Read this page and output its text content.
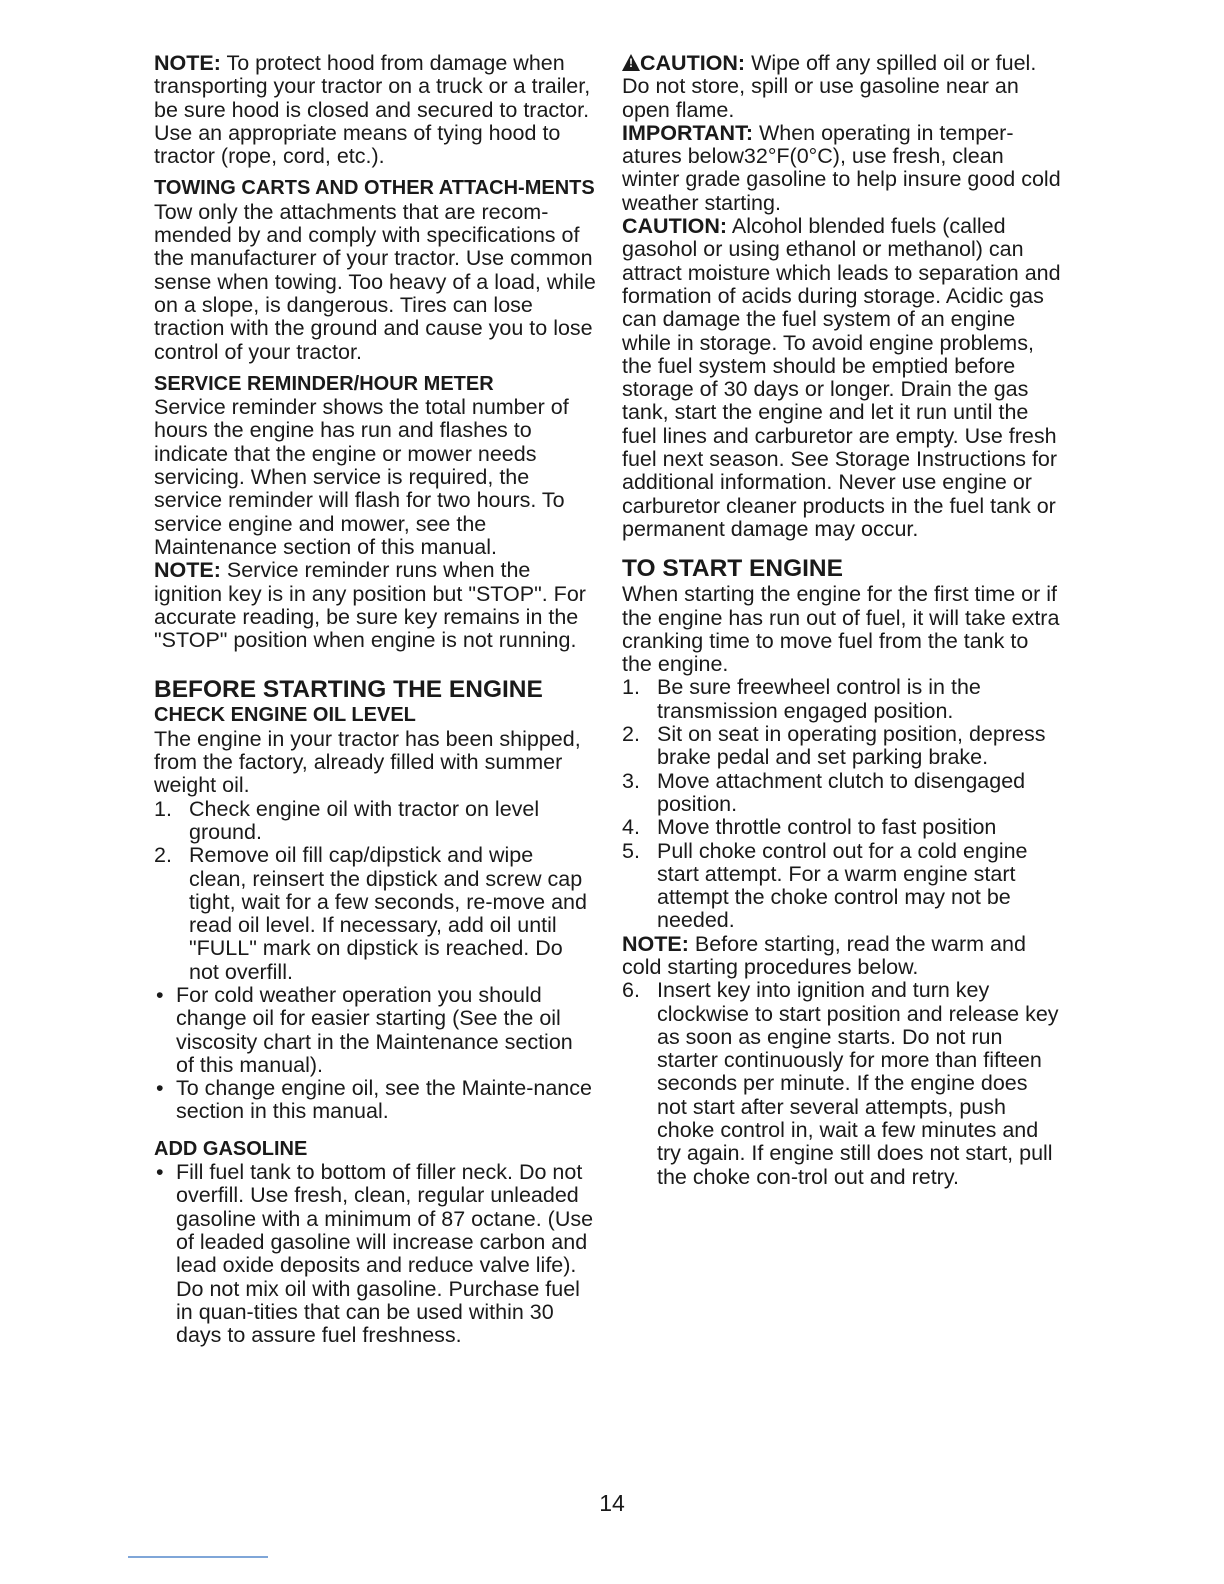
NOTE: To protect hood from damage when transporting your tractor on a truck or a trailer, be sure hood is closed and secured to tractor. Use an appropriate means of tying hood to tractor (rope, cord, etc.).

TOWING CARTS AND OTHER ATTACH-MENTS

Tow only the attachments that are recom-mended by and comply with specifications of the manufacturer of your tractor. Use common sense when towing. Too heavy of a load, while on a slope, is dangerous. Tires can lose traction with the ground and cause you to lose control of your tractor.

SERVICE REMINDER/HOUR METER

Service reminder shows the total number of hours the engine has run and flashes to indicate that the engine or mower needs servicing. When service is required, the service reminder will flash for two hours. To service engine and mower, see the Maintenance section of this manual.

NOTE: Service reminder runs when the ignition key is in any position but "STOP". For accurate reading, be sure key remains in the "STOP" position when engine is not running.

BEFORE STARTING THE ENGINE
CHECK ENGINE OIL LEVEL

The engine in your tractor has been shipped, from the factory, already filled with summer weight oil.

1. Check engine oil with tractor on level ground.
2. Remove oil fill cap/dipstick and wipe clean, reinsert the dipstick and screw cap tight, wait for a few seconds, re-move and read oil level. If necessary, add oil until "FULL" mark on dipstick is reached. Do not overfill.
• For cold weather operation you should change oil for easier starting (See the oil viscosity chart in the Maintenance section of this manual).
• To change engine oil, see the Mainte-nance section in this manual.
ADD GASOLINE
• Fill fuel tank to bottom of filler neck. Do not overfill. Use fresh, clean, regular unleaded gasoline with a minimum of 87 octane. (Use of leaded gasoline will increase carbon and lead oxide deposits and reduce valve life). Do not mix oil with gasoline. Purchase fuel in quan-tities that can be used within 30 days to assure fuel freshness.

!CAUTION: Wipe off any spilled oil or fuel. Do not store, spill or use gasoline near an open flame.

IMPORTANT: When operating in temper-atures below32°F(0°C), use fresh, clean winter grade gasoline to help insure good cold weather starting.

CAUTION: Alcohol blended fuels (called gasohol or using ethanol or methanol) can attract moisture which leads to separation and formation of acids during storage. Acidic gas can damage the fuel system of an engine while in storage. To avoid engine problems, the fuel system should be emptied before storage of 30 days or longer. Drain the gas tank, start the engine and let it run until the fuel lines and carburetor are empty. Use fresh fuel next season. See Storage Instructions for additional information. Never use engine or carburetor cleaner products in the fuel tank or permanent damage may occur.

TO START ENGINE

When starting the engine for the first time or if the engine has run out of fuel, it will take extra cranking time to move fuel from the tank to the engine.

1. Be sure freewheel control is in the transmission engaged position.
2. Sit on seat in operating position, depress brake pedal and set parking brake.
3. Move attachment clutch to disengaged position.
4. Move throttle control to fast position
5. Pull choke control out for a cold engine start attempt. For a warm engine start attempt the choke control may not be needed.

NOTE: Before starting, read the warm and cold starting procedures below.

6. Insert key into ignition and turn key clockwise to start position and release key as soon as engine starts. Do not run starter continuously for more than fifteen seconds per minute. If the engine does not start after several attempts, push choke control in, wait a few minutes and try again. If engine still does not start, pull the choke con-trol out and retry.
14
